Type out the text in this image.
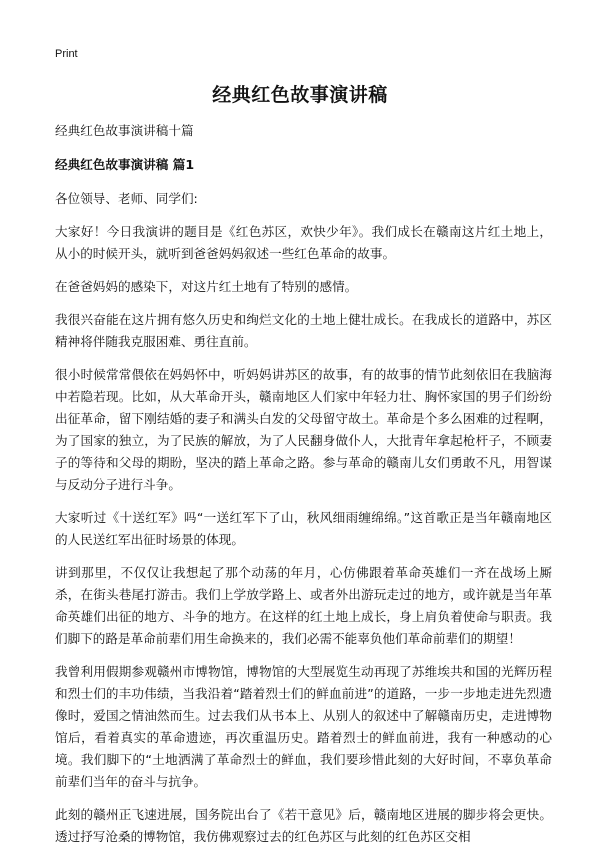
Print
经典红色故事演讲稿

经典红色故事演讲稿十篇

经典红色故事演讲稿 篇1

各位领导、老师、同学们:

大家好！今日我演讲的题目是《红色苏区，欢快少年》。我们成长在赣南这片红土地上，从小的时候开头，就听到爸爸妈妈叙述一些红色革命的故事。

在爸爸妈妈的感染下，对这片红土地有了特别的感情。

我很兴奋能在这片拥有悠久历史和绚烂文化的土地上健壮成长。在我成长的道路中，苏区精神将伴随我克服困难、勇往直前。

很小时候常常偎依在妈妈怀中，听妈妈讲苏区的故事，有的故事的情节此刻依旧在我脑海中若隐若现。比如，从大革命开头，赣南地区人们家中年轻力壮、胸怀家国的男子们纷纷出征革命，留下刚结婚的妻子和满头白发的父母留守故土。革命是个多么困难的过程啊，为了国家的独立，为了民族的解放，为了人民翻身做仆人，大批青年拿起枪杆子，不顾妻子的等待和父母的期盼，坚决的踏上革命之路。参与革命的赣南儿女们勇敢不凡，用智谋与反动分子进行斗争。

大家听过《十送红军》吗“一送红军下了山，秋风细雨缠绵绵。”这首歌正是当年赣南地区的人民送红军出征时场景的体现。

讲到那里，不仅仅让我想起了那个动荡的年月，心仿佛跟着革命英雄们一齐在战场上厮杀，在街头巷尾打游击。我们上学放学路上、或者外出游玩走过的地方，或许就是当年革命英雄们出征的地方、斗争的地方。在这样的红土地上成长，身上肩负着使命与职责。我们脚下的路是革命前辈们用生命换来的，我们必需不能辜负他们革命前辈们的期望！

我曾利用假期参观赣州市博物馆，博物馆的大型展览生动再现了苏维埃共和国的光辉历程和烈士们的丰功伟绩，当我沿着“踏着烈士们的鲜血前进”的道路，一步一步地走进先烈遗像时，爱国之情油然而生。过去我们从书本上、从别人的叙述中了解赣南历史，走进博物馆后，看着真实的革命遗迹，再次重温历史。踏着烈士的鲜血前进，我有一种感动的心境。我们脚下的“土地洒满了革命烈士的鲜血，我们要珍惜此刻的大好时间，不辜负革命前辈们当年的奋斗与抗争。

此刻的赣州正飞速进展，国务院出台了《若干意见》后，赣南地区进展的脚步将会更快。透过抒写沧桑的博物馆，我仿佛观察过去的红色苏区与此刻的红色苏区交相
